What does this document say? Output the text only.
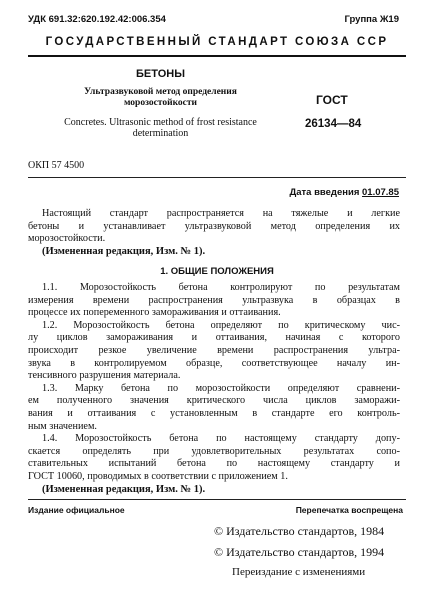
УДК 691.32:620.192.42:006.354	Группа Ж19
ГОСУДАРСТВЕННЫЙ СТАНДАРТ СОЮЗА ССР
БЕТОНЫ
Ультразвуковой метод определения
морозостойкости
Concretes. Ultrasonic method of frost resistance
determination
ГОСТ
26134—84
ОКП 57 4500
Дата введения 01.07.85
Настоящий стандарт распространяется на тяжелые и легкие
бетоны и устанавливает ультразвуковой метод определения их
морозостойкости.
(Измененная редакция, Изм. № 1).
1. ОБЩИЕ ПОЛОЖЕНИЯ
1.1. Морозостойкость бетона контролируют по результатам
измерения времени распространения ультразвука в образцах в
процессе их попеременного замораживания и оттаивания.
1.2. Морозостойкость бетона определяют по критическому чис-
лу циклов замораживания и оттаивания, начиная с которого
происходит резкое увеличение времени распространения ультра-
звука в контролируемом образце, соответствующее началу ин-
тенсивного разрушения материала.
1.3. Марку бетона по морозостойкости определяют сравнени-
ем полученного значения критического числа циклов заморажи-
вания и оттаивания с установленным в стандарте его контроль-
ным значением.
1.4. Морозостойкость бетона по настоящему стандарту допу-
скается определять при удовлетворительных результатах сопо-
ставительных испытаний бетона по настоящему стандарту и
ГОСТ 10060, проводимых в соответствии с приложением 1.
(Измененная редакция, Изм. № 1).
Издание официальное	Перепечатка воспрещена
© Издательство стандартов, 1984
© Издательство стандартов, 1994
Переиздание с изменениями
